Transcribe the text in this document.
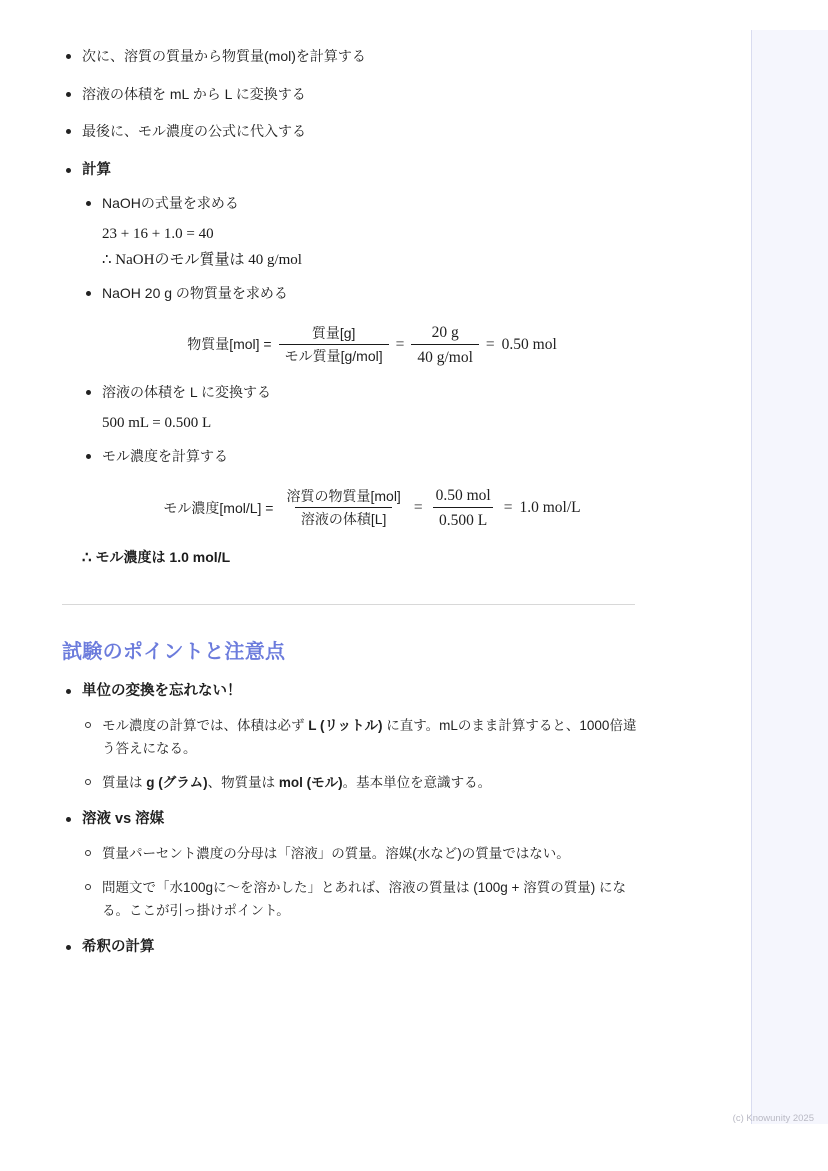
次に、溶質の質量から物質量(mol)を計算する
溶液の体積を mL から L に変換する
最後に、モル濃度の公式に代入する
計算
NaOHの式量を求める
23 + 16 + 1.0 = 40
∴ NaOHのモル質量は 40 g/mol
NaOH 20 g の物質量を求める
物質量$[mol] = \frac{\text{質量[g]}}{\text{モル質量[g/mol]}} = \frac{20 g}{\text{40 g/mol}} = 0.50$ mol
溶液の体積を L に変換する
500 mL = 0.500 L
モル濃度を計算する
モル濃度$[mol/L] = \frac{\text{溶質の物質量[mol]}}{\text{溶液の体積[L]}} = \frac{\text{0.50 mol}}{0.500 L} = 1.0$ mol/L
∴ モル濃度は 1.0 mol/L
試験のポイントと注意点
単位の変換を忘れない！
モル濃度の計算では、体積は必ず L (リットル) に直す。mLのまま計算すると、1000倍違う答えになる。
質量は g (グラム)、物質量は mol (モル)。基本単位を意識する。
溶液 vs 溶媒
質量パーセント濃度の分母は「溶液」の質量。溶媒(水など)の質量ではない。
問題文で「水100gに〜を溶かした」とあれば、溶液の質量は (100g + 溶質の質量) になる。ここが引っ掛けポイント。
希釈の計算
(c) Knowunity 2025
